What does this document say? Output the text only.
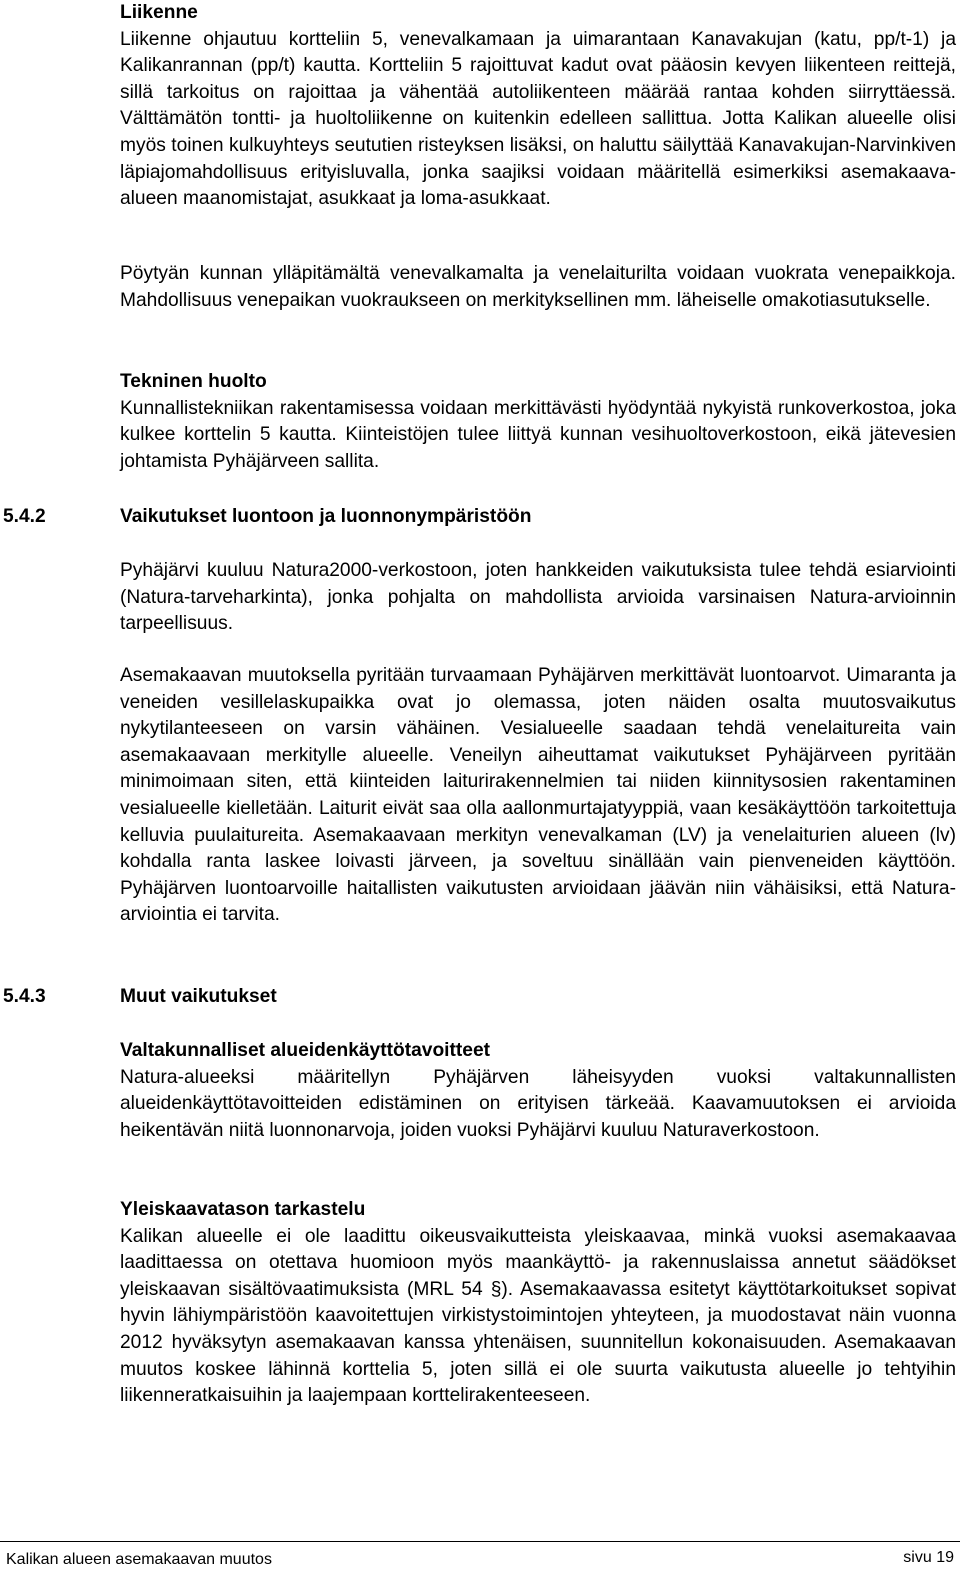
Liikenne

Liikenne ohjautuu kortteliin 5, venevalkamaan ja uimarantaan Kanavakujan (katu, pp/t-1) ja Kalikanrannan (pp/t) kautta. Kortteliin 5 rajoittuvat kadut ovat pääosin kevyen liikenteen reittejä, sillä tarkoitus on rajoittaa ja vähentää autoliikenteen määrää rantaa kohden siirryttäessä. Välttämätön tontti- ja huoltoliikenne on kuitenkin edelleen sallittua. Jotta Kalikan alueelle olisi myös toinen kulkuyhteys seututien risteyksen lisäksi, on haluttu säilyttää Kanavakujan-Narvinkiven läpiajomahdollisuus erityisluvalla, jonka saajiksi voidaan määritellä esimerkiksi asemakaava-alueen maanomistajat, asukkaat ja loma-asukkaat.

Pöytyän kunnan ylläpitämältä venevalkamalta ja venelaiturilta voidaan vuokrata venepaikkoja. Mahdollisuus venepaikan vuokraukseen on merkityksellinen mm. läheiselle omakotiasutukselle.

Tekninen huolto

Kunnallistekniikan rakentamisessa voidaan merkittävästi hyödyntää nykyistä runkoverkostoa, joka kulkee korttelin 5 kautta. Kiinteistöjen tulee liittyä kunnan vesihuoltoverkostoon, eikä jätevesien johtamista Pyhäjärveen sallita.

5.4.2	Vaikutukset luontoon ja luonnonympäristöön

Pyhäjärvi kuuluu Natura2000-verkostoon, joten hankkeiden vaikutuksista tulee tehdä esiarviointi (Natura-tarveharkinta), jonka pohjalta on mahdollista arvioida varsinaisen Natura-arvioinnin tarpeellisuus.

Asemakaavan muutoksella pyritään turvaamaan Pyhäjärven merkittävät luontoarvot. Uimaranta ja veneiden vesillelaskupaikka ovat jo olemassa, joten näiden osalta muutosvaikutus nykytilanteeseen on varsin vähäinen. Vesialueelle saadaan tehdä venelaitureita vain asemakaavaan merkitylle alueelle. Veneilyn aiheuttamat vaikutukset Pyhäjärveen pyritään minimoimaan siten, että kiinteiden laiturirakennelmien tai niiden kiinnitysosien rakentaminen vesialueelle kielletään. Laiturit eivät saa olla aallonmurtajatyyppiä, vaan kesäkäyttöön tarkoitettuja kelluvia puulaitureita. Asemakaavaan merkityn venevalkaman (LV) ja venelaiturien alueen (lv) kohdalla ranta laskee loivasti järveen, ja soveltuu sinällään vain pienveneiden käyttöön. Pyhäjärven luontoarvoille haitallisten vaikutusten arvioidaan jäävän niin vähäisiksi, että Natura-arviointia ei tarvita.

5.4.3	Muut vaikutukset

Valtakunnalliset alueidenkäyttötavoitteet

Natura-alueeksi määritellyn Pyhäjärven läheisyyden vuoksi valtakunnallisten alueidenkäyttötavoitteiden edistäminen on erityisen tärkeää. Kaavamuutoksen ei arvioida heikentävän niitä luonnonarvoja, joiden vuoksi Pyhäjärvi kuuluu Naturaverkostoon.

Yleiskaavatason tarkastelu

Kalikan alueelle ei ole laadittu oikeusvaikutteista yleiskaavaa, minkä vuoksi asemakaavaa laadittaessa on otettava huomioon myös maankäyttö- ja rakennuslaissa annetut säädökset yleiskaavan sisältövaatimuksista (MRL 54 §). Asemakaavassa esitetyt käyttötarkoitukset sopivat hyvin lähiympäristöön kaavoitettujen virkistystoimintojen yhteyteen, ja muodostavat näin vuonna 2012 hyväksytyn asemakaavan kanssa yhtenäisen, suunnitellun kokonaisuuden. Asemakaavan muutos koskee lähinnä korttelia 5, joten sillä ei ole suurta vaikutusta alueelle jo tehtyihin liikenneratkaisuihin ja laajempaan korttelirakenteeseen.

Kalikan alueen asemakaavan muutos	sivu 19
